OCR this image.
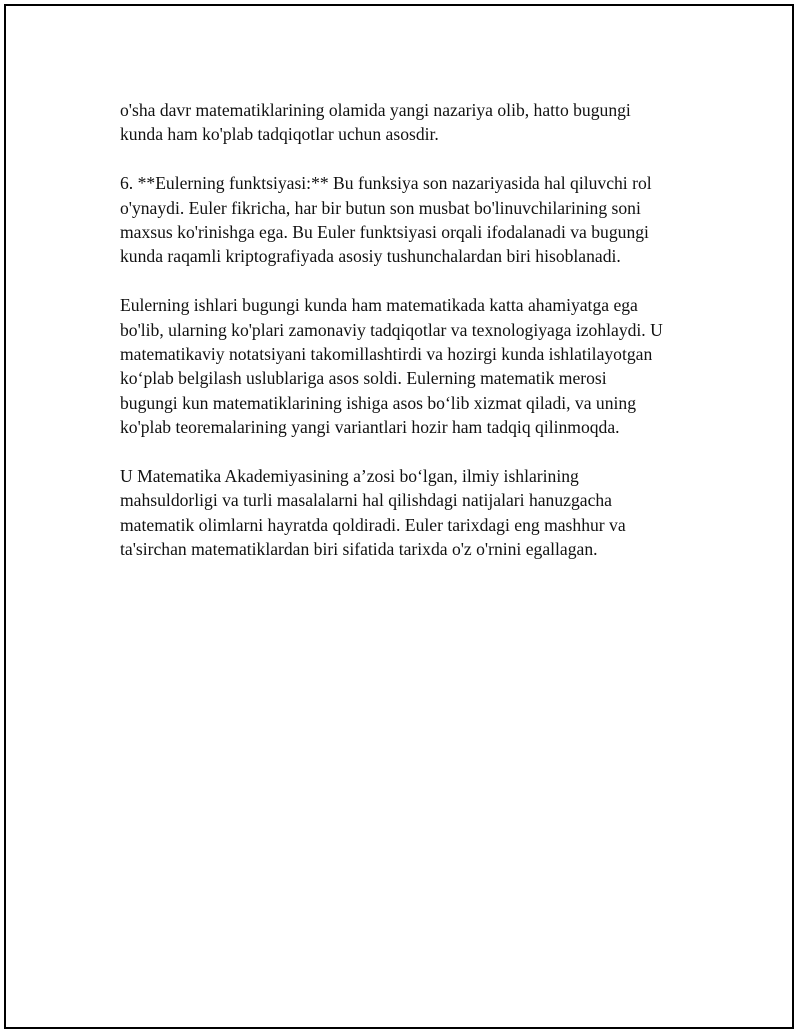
o'sha davr matematiklarining olamida yangi nazariya olib, hatto bugungi
kunda ham ko'plab tadqiqotlar uchun asosdir.

6. **Eulerning funktsiyasi:** Bu funksiya son nazariyasida hal qiluvchi rol
o'ynaydi. Euler fikricha, har bir butun son musbat bo'linuvchilarining soni
maxsus ko'rinishga ega. Bu Euler funktsiyasi orqali ifodalanadi va bugungi
kunda raqamli kriptografiyada asosiy tushunchalardan biri hisoblanadi.

Eulerning ishlari bugungi kunda ham matematikada katta ahamiyatga ega
bo'lib, ularning ko'plari zamonaviy tadqiqotlar va texnologiyaga izohlaydi. U
matematikaviy notatsiyani takomillashtirdi va hozirgi kunda ishlatilayotgan
ko‘plab belgilash uslublariga asos soldi. Eulerning matematik merosi
bugungi kun matematiklarining ishiga asos bo‘lib xizmat qiladi, va uning
ko'plab teoremalarining yangi variantlari hozir ham tadqiq qilinmoqda.

U Matematika Akademiyasining a’zosi bo‘lgan, ilmiy ishlarining
mahsuldorligi va turli masalalarni hal qilishdagi natijalari hanuzgacha
matematik olimlarni hayratda qoldiradi. Euler tarixdagi eng mashhur va
ta'sirchan matematiklardan biri sifatida tarixda o'z o'rnini egallagan.
